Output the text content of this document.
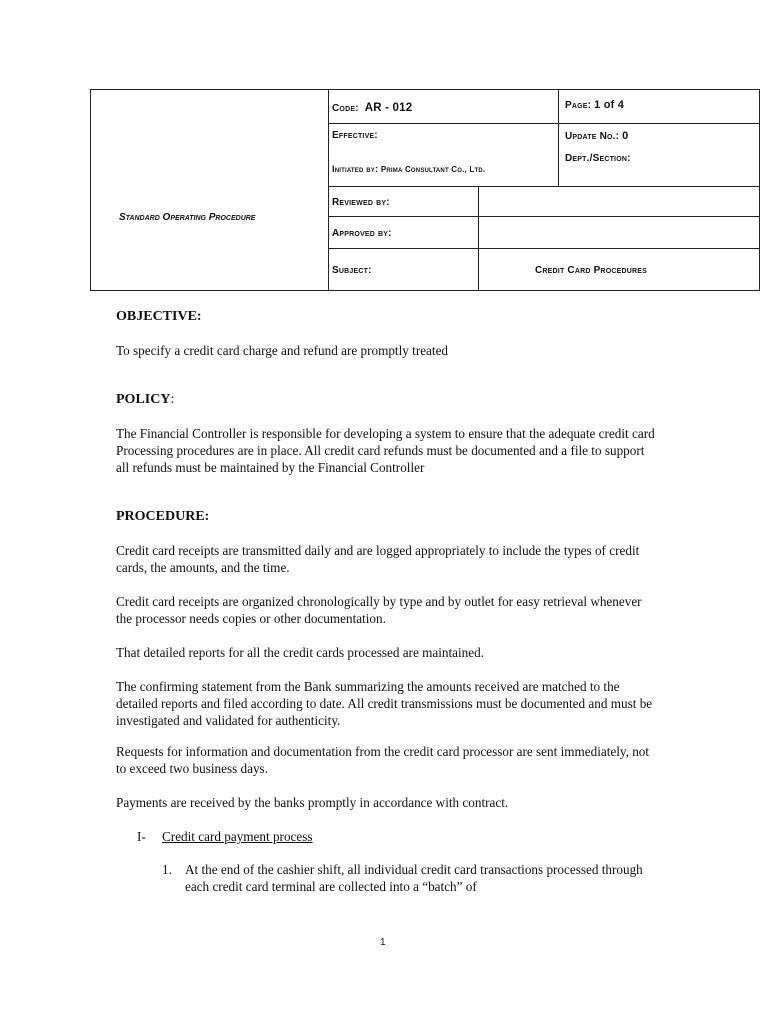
Standard Operating Procedure
Code: AR - 012	Page: 1 of 4
Effective:	Update No.: 0
Dept./Section:
Initiated by: Prima Consultant Co., Ltd.
Reviewed by:
Approved by:
Subject:	Credit Card Procedures
OBJECTIVE:
To specify a credit card charge and refund are promptly treated
POLICY:
The Financial Controller is responsible for developing a system to ensure that the adequate credit card Processing procedures are in place. All credit card refunds must be documented and a file to support all refunds must be maintained by the Financial Controller
PROCEDURE:
Credit card receipts are transmitted daily and are logged appropriately to include the types of credit cards, the amounts, and the time.
Credit card receipts are organized chronologically by type and by outlet for easy retrieval whenever the processor needs copies or other documentation.
That detailed reports for all the credit cards processed are maintained.
The confirming statement from the Bank summarizing the amounts received are matched to the detailed reports and filed according to date. All credit transmissions must be documented and must be investigated and validated for authenticity.
Requests for information and documentation from the credit card processor are sent immediately, not to exceed two business days.
Payments are received by the banks promptly in accordance with contract.
I- Credit card payment process
1. At the end of the cashier shift, all individual credit card transactions processed through each credit card terminal are collected into a “batch” of
1
